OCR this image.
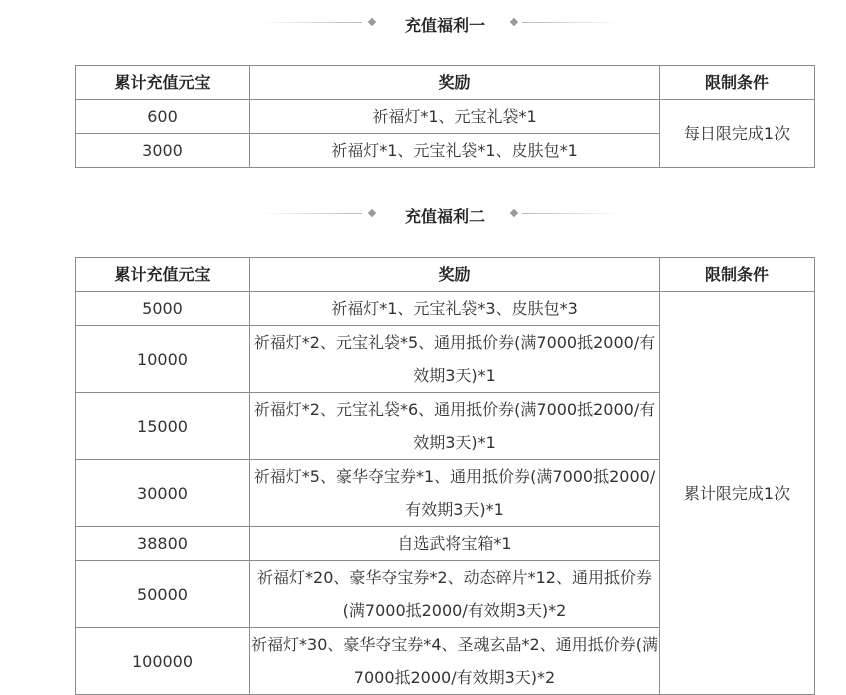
充值福利一
累计充值元宝	奖励	限制条件
600	祈福灯*1、元宝礼袋*1	每日限完成1次
3000	祈福灯*1、元宝礼袋*1、皮肤包*1	
充值福利二
累计充值元宝	奖励	限制条件
5000	祈福灯*1、元宝礼袋*3、皮肤包*3	累计限完成1次
10000	祈福灯*2、元宝礼袋*5、通用抵价券(满7000抵2000/有效期3天)*1	
15000	祈福灯*2、元宝礼袋*6、通用抵价券(满7000抵2000/有效期3天)*1	
30000	祈福灯*5、豪华夺宝券*1、通用抵价券(满7000抵2000/有效期3天)*1	
38800	自选武将宝箱*1	
50000	祈福灯*20、豪华夺宝券*2、动态碎片*12、通用抵价券(满7000抵2000/有效期3天)*2	
100000	祈福灯*30、豪华夺宝券*4、圣魂玄晶*2、通用抵价券(满7000抵2000/有效期3天)*2	
